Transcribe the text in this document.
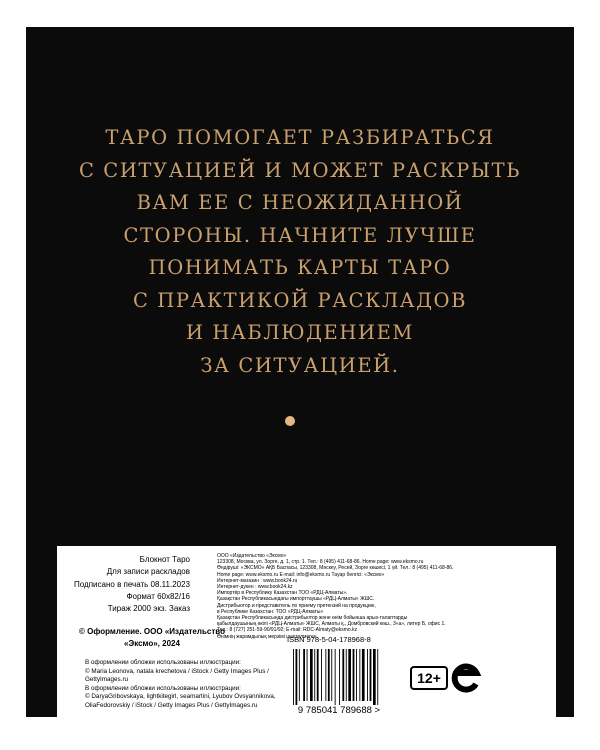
ТАРО ПОМОГАЕТ РАЗБИРАТЬСЯ
С СИТУАЦИЕЙ И МОЖЕТ РАСКРЫТЬ
ВАМ ЕЕ С НЕОЖИДАННОЙ
СТОРОНЫ. НАЧНИТЕ ЛУЧШЕ
ПОНИМАТЬ КАРТЫ ТАРО
С ПРАКТИКОЙ РАСКЛАДОВ
И НАБЛЮДЕНИЕМ
ЗА СИТУАЦИЕЙ.
Блокнот Таро
Для записи раскладов
Подписано в печать 08.11.2023
Формат 60x82/16
Тираж 2000 экз. Заказ
ООО «Издательство «Эксмо»
123308, Москва, ул. Зорге, д. 1, стр. 1. Тел.: 8 (495) 411-68-86. Home page: www.eksmo.ru
Өндіруші: «ЭКСМО» АҚБ Баспасы, 123308, Мәскеу, Ресей, Зорге көшесі, 1 үй. Тел.: 8 (495) 411-68-86.
Home page: www.eksmo.ru E-mail: info@eksmo.ru Тауар белгісі: «Эксмо»
Интернет-магазин : www.book24.ru
Интернет-дүкен : www.book24.kz
Импортёр в Республику Казахстан ТОО «РДЦ-Алматы».
Қазақстан Республикасындағы импорттаушы «РДЦ-Алматы» ЖШС.
Дистрибьютор и представитель по приему претензий на продукцию,
в Республике Казахстан: ТОО «РДЦ-Алматы»
Қазақстан Республикасында дистрибьютор және өнім бойынша арыз-талаптарды
қабылдаушының өкілі «РДЦ-Алматы» ЖШС, Алматы қ., Домбровский көш., 3«а», литер Б, офис 1.
Тел.: 8 (727) 251-59-90/91/92; E-mail: RDC-Almaty@eksmo.kz
Өнімнің жарамдылық мерзімі шектелмеген.
© Оформление. ООО «Издательство
«Эксмо», 2024
В оформлении обложки использованы иллюстрации:
© Maria Leonova, natala krechetova / iStock / Getty Images Plus /
GettyImages.ru
В оформлении обложки использованы иллюстрации:
© DaryaGribovskaya, lightkitegirl, seamartini, Lyubov Ovsyannikova,
OliaFedorovskiy / iStock / Getty Images Plus / GettyImages.ru
ISBN 978-5-04-178968-8
9 785041 789688 >
12+
